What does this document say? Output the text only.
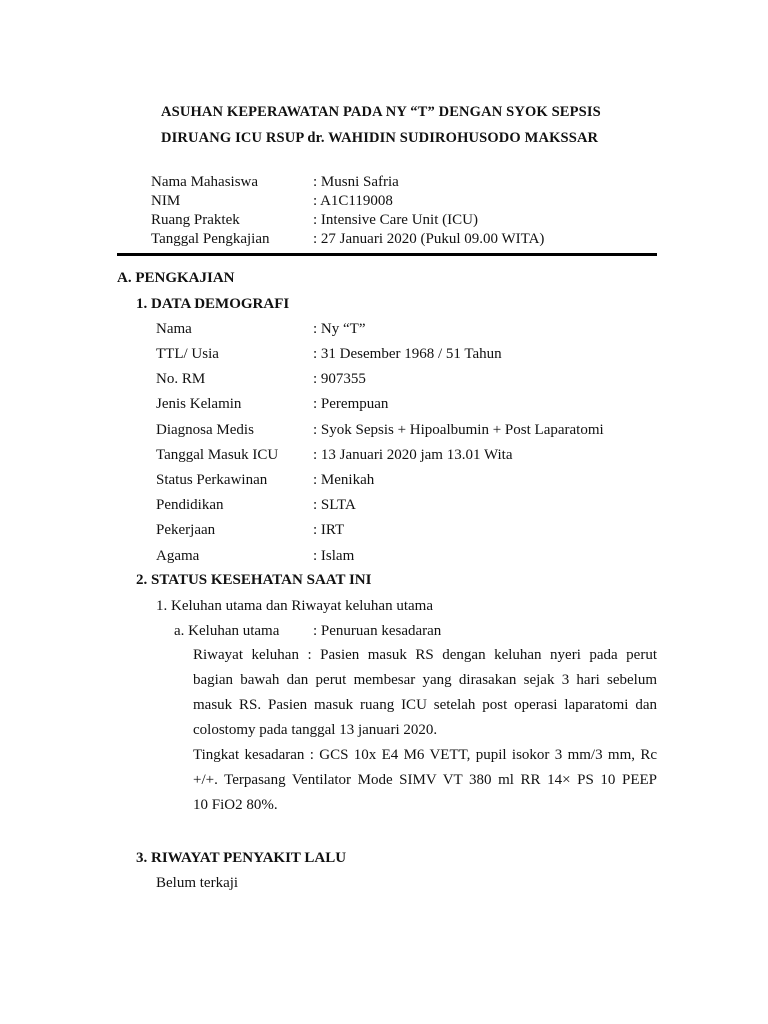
ASUHAN KEPERAWATAN PADA NY “T” DENGAN SYOK SEPSIS
DIRUANG ICU RSUP dr. WAHIDIN SUDIROHUSODO MAKSSAR
Nama Mahasiswa	: Musni Safria
NIM	: A1C119008
Ruang Praktek	: Intensive Care Unit (ICU)
Tanggal Pengkajian	: 27 Januari 2020 (Pukul 09.00 WITA)
A. PENGKAJIAN
1. DATA DEMOGRAFI
Nama	: Ny “T”
TTL/ Usia	: 31 Desember 1968 / 51 Tahun
No. RM	: 907355
Jenis Kelamin	: Perempuan
Diagnosa Medis	: Syok Sepsis + Hipoalbumin + Post Laparatomi
Tanggal Masuk ICU : 13 Januari 2020 jam 13.01 Wita
Status Perkawinan	: Menikah
Pendidikan	: SLTA
Pekerjaan	: IRT
Agama	: Islam
2. STATUS KESEHATAN SAAT INI
1. Keluhan utama dan Riwayat keluhan utama
a. Keluhan utama : Penuruan kesadaran
Riwayat keluhan : Pasien masuk RS dengan keluhan nyeri pada perut
bagian bawah dan perut membesar yang dirasakan sejak 3 hari sebelum
masuk RS. Pasien masuk ruang ICU setelah post operasi laparatomi dan
colostomy pada tanggal 13 januari 2020.
Tingkat kesadaran : GCS 10x E4 M6 VETT, pupil isokor 3 mm/3 mm, Rc
+/+. Terpasang Ventilator Mode SIMV VT 380 ml RR 14× PS 10 PEEP
10 FiO2 80%.
3. RIWAYAT PENYAKIT LALU
Belum terkaji
